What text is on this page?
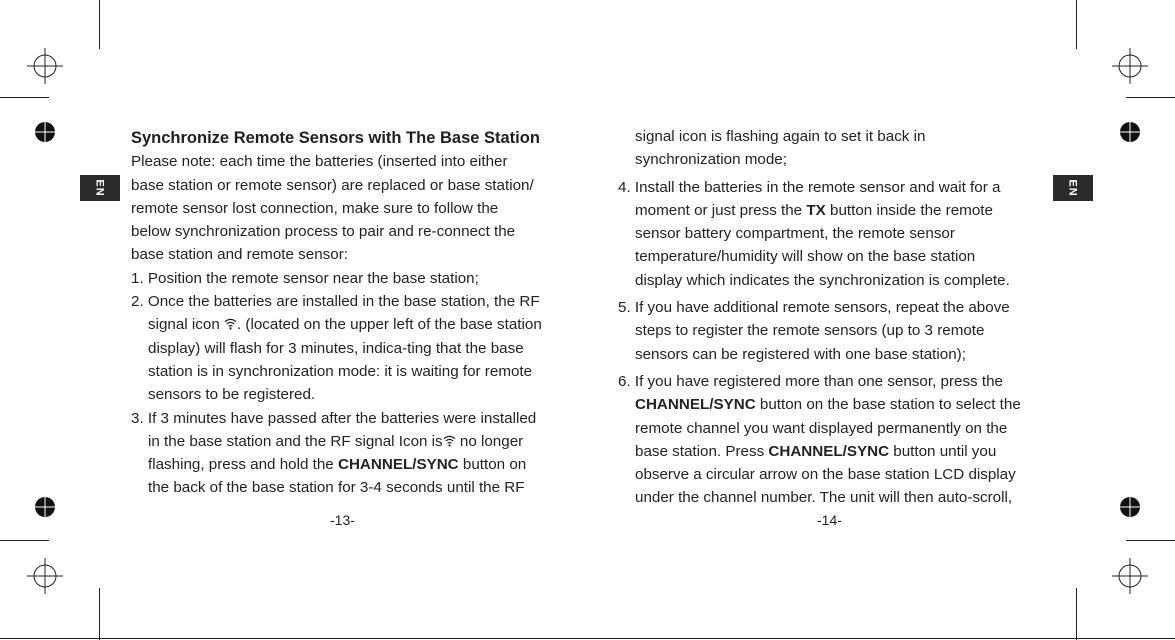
EN	EN

Synchronize Remote Sensors with The Base Station

Please note: each time the batteries (inserted into either

base station or remote sensor) are replaced or base station/

remote sensor lost connection, make sure to follow the

below synchronization process to pair and re-connect the

base station and remote sensor:

1. Position the remote sensor near the base station;

2. Once the batteries are installed in the base station, the RF

signal icon . (located on the upper left of the base station

display) will flash for 3 minutes, indica-ting that the base

station is in synchronization mode: it is waiting for remote

sensors to be registered.

3. If 3 minutes have passed after the batteries were installed

in the base station and the RF signal Icon is no longer

flashing, press and hold the CHANNEL/SYNC button on

the back of the base station for 3-4 seconds until the RF

-13-

signal icon is flashing again to set it back in

synchronization mode;

4. Install the batteries in the remote sensor and wait for a

moment or just press the TX button inside the remote

sensor battery compartment, the remote sensor

temperature/humidity will show on the base station

display which indicates the synchronization is complete.

5. If you have additional remote sensors, repeat the above

steps to register the remote sensors (up to 3 remote

sensors can be registered with one base station);

6. If you have registered more than one sensor, press the

CHANNEL/SYNC button on the base station to select the

remote channel you want displayed permanently on the

base station. Press CHANNEL/SYNC button until you

observe a circular arrow on the base station LCD display

under the channel number. The unit will then auto-scroll,

-14-
